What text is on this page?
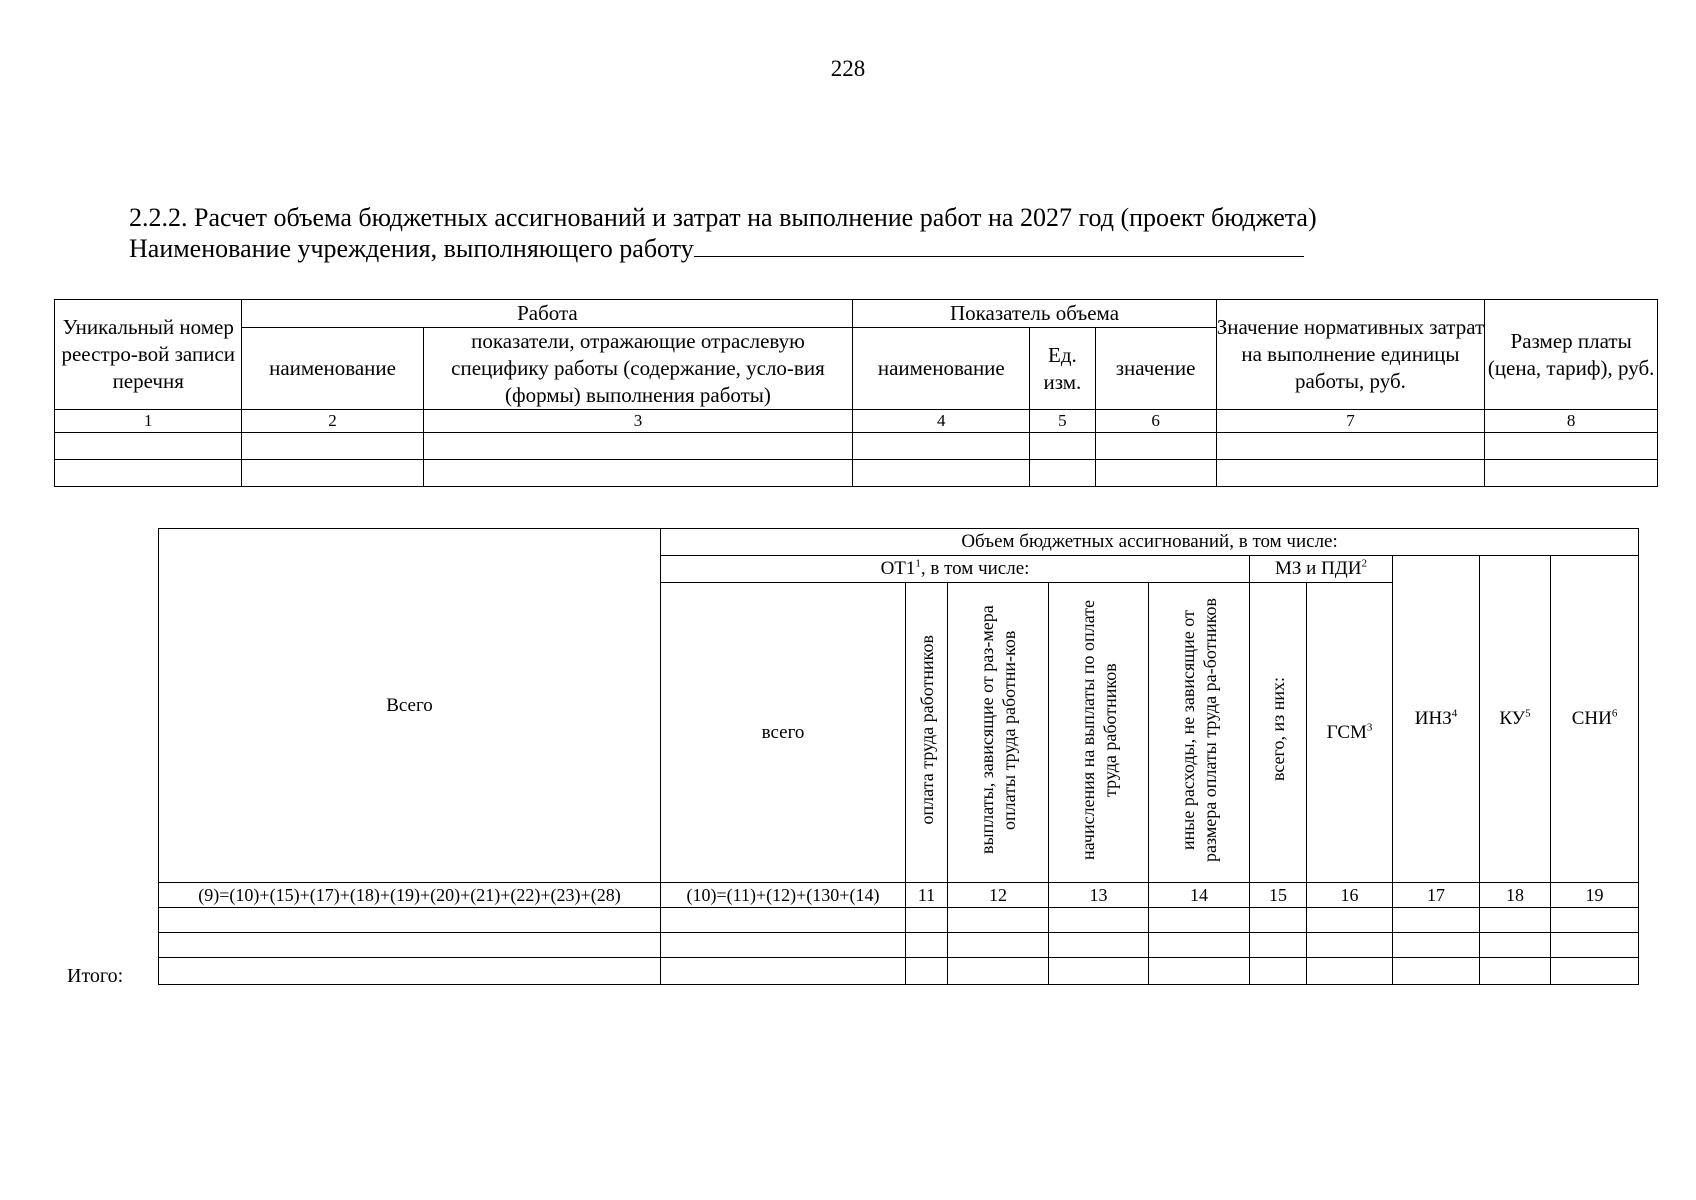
228
2.2.2. Расчет объема бюджетных ассигнований и затрат на выполнение работ на 2027 год (проект бюджета)
Наименование учреждения, выполняющего работу
Уникальный номер реестро-вой записи перечня	Работа		Показатель объема			Значение нормативных затрат на выполнение единицы работы, руб.	Размер платы (цена, тариф), руб.
	наименование	показатели, отражающие отраслевую специфику работы (содержание, усло-вия (формы) выполнения работы)	наименование	Ед. изм.	значение		
1	2	3	4	5	6	7	8

Всего	Объем бюджетных ассигнований, в том числе:									
	$ОТ1^1$, в том числе:					МЗ и ПДИ$^2$		ИНЗ$^4$	$КУ^5$	СНИ$^6$
	всего	оплата труда работников	выплаты, зависящие от раз-мера оплаты труда работни-ков	начисления на выплаты по оплате труда работников	иные расходы, не зависящие от размера оплаты труда ра-ботников	всего, из них:	ГСМ$^3$
(9)=(10)+(15)+(17)+(18)+(19)+(20)+(21)+(22)+(23)+(28)	(10)=(11)+(12)+(130+(14)	11	12	13	14	15	16	17	18	19

Итого:
